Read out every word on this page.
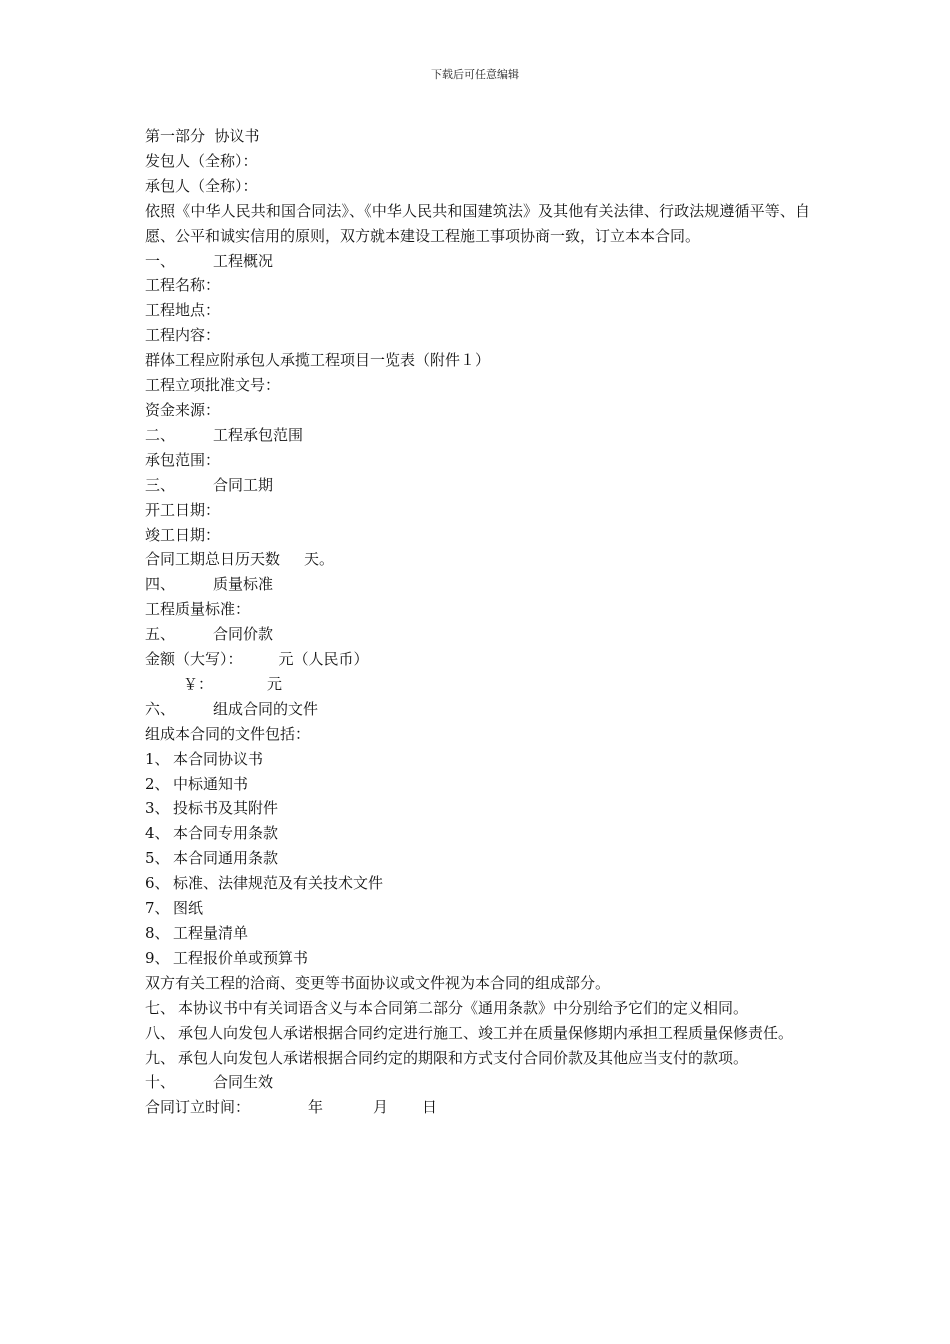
下载后可任意编辑
第一部分  协议书
发包人（全称）：
承包人（全称）：
依照《中华人民共和国合同法》、《中华人民共和国建筑法》及其他有关法律、行政法规遵循平等、自愿、公平和诚实信用的原则，双方就本建设工程施工事项协商一致，订立本本合同。
一、	工程概况
工程名称：
工程地点：
工程内容：
群体工程应附承包人承揽工程项目一览表（附件１）
工程立项批准文号：
资金来源：
二、	工程承包范围
承包范围：
三、	合同工期
开工日期：
竣工日期：
合同工期总日历天数 天。
四、	质量标准
工程质量标准：
五、	合同价款
金额（大写）： 元（人民币）
￥：	元
六、	组成合同的文件
组成本合同的文件包括：
1、 本合同协议书
2、 中标通知书
3、 投标书及其附件
4、 本合同专用条款
5、 本合同通用条款
6、 标准、法律规范及有关技术文件
7、 图纸
8、 工程量清单
9、 工程报价单或预算书
双方有关工程的洽商、变更等书面协议或文件视为本合同的组成部分。
七、 本协议书中有关词语含义与本合同第二部分《通用条款》中分别给予它们的定义相同。
八、 承包人向发包人承诺根据合同约定进行施工、竣工并在质量保修期内承担工程质量保修责任。
九、 承包人向发包人承诺根据合同约定的期限和方式支付合同价款及其他应当支付的款项。
十、	合同生效
合同订立时间：	年	月 日
